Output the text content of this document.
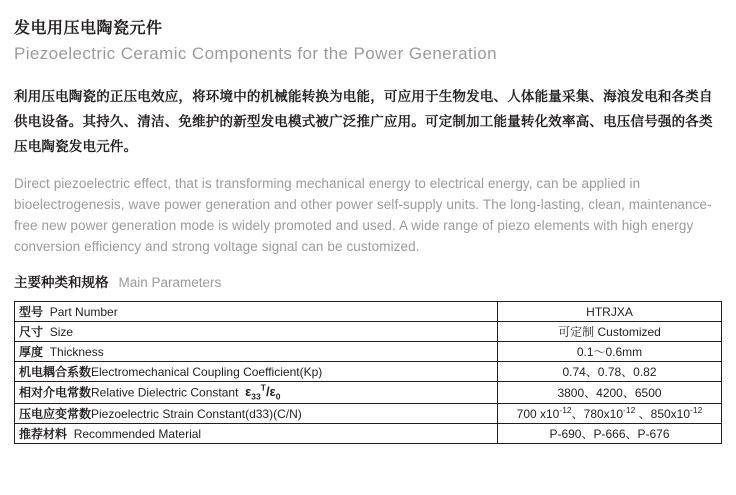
发电用压电陶瓷元件
Piezoelectric Ceramic Components for the Power Generation

利用压电陶瓷的正压电效应，将环境中的机械能转换为电能，可应用于生物发电、人体能量采集、海浪发电和各类自供电设备。其持久、清洁、免维护的新型发电模式被广泛推广应用。可定制加工能量转化效率高、电压信号强的各类压电陶瓷发电元件。

Direct piezoelectric effect, that is transforming mechanical energy to electrical energy, can be applied in bioelectrogenesis, wave power generation and other power self-supply units. The long-lasting, clean, maintenance-free new power generation mode is widely promoted and used. A wide range of piezo elements with high energy conversion efficiency and strong voltage signal can be customized.

主要种类和规格 Main Parameters
型号 Part Number	HTRJXA
尺寸 Size	可定制 Customized
厚度 Thickness	0.1～0.6mm
机电耦合系数Electromechanical Coupling Coefficient(Kp)	0.74、0.78、0.82
相对介电常数Relative Dielectric Constant $\varepsilon_{33}^T/\varepsilon_0$	3800、4200、6500
压电应变常数Piezoelectric Strain Constant(d33)(C/N)	700 $x10^{-12}$、$780x10^{-12}$ 、$850x10^{-12}$
推荐材料 Recommended Material	P-690、P-666、P-676
